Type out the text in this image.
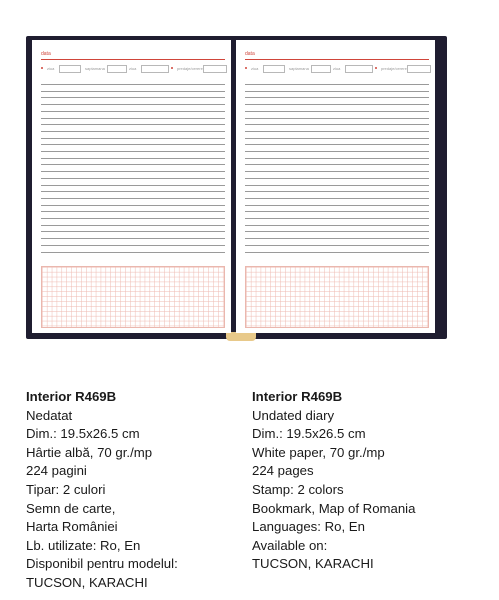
data
ziua	saptamana	ziua	predaje/cerere
data
ziua	saptamana	ziua	predaje/cerere

Interior R469B

Nedatat

Dim.: 19.5x26.5 cm

Hârtie albă, 70 gr./mp

224 pagini

Tipar: 2 culori

Semn de carte,

Harta României

Lb. utilizate: Ro, En

Disponibil pentru modelul:

TUCSON, KARACHI

Interior R469B

Undated diary

Dim.: 19.5x26.5 cm

White paper, 70 gr./mp

224 pages

Stamp: 2 colors

Bookmark, Map of Romania

Languages: Ro, En

Available on:

TUCSON, KARACHI
